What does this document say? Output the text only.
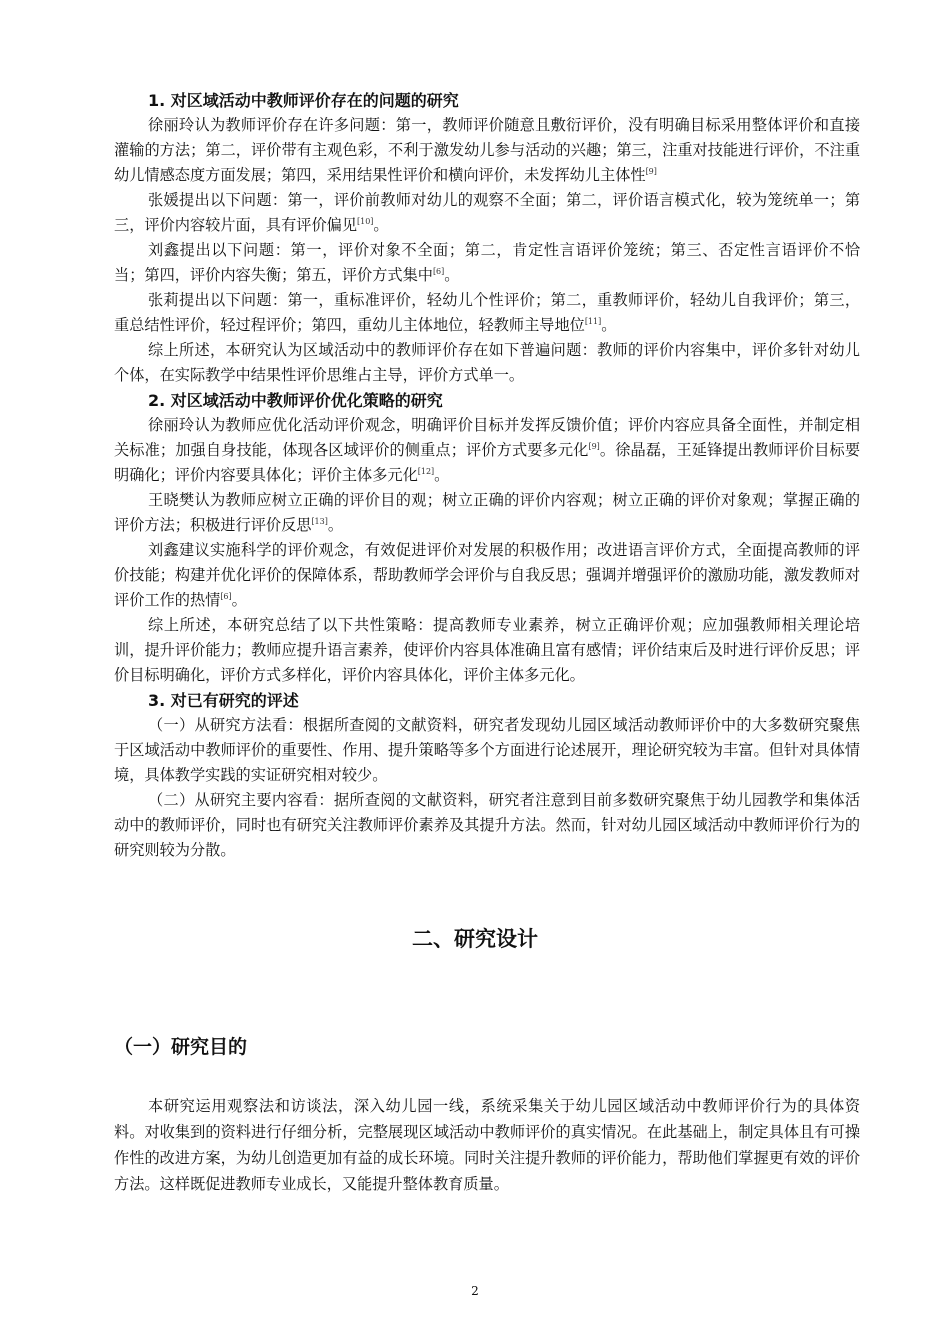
1. 对区域活动中教师评价存在的问题的研究

徐丽玲认为教师评价存在许多问题：第一，教师评价随意且敷衍评价，没有明确目标采用整体评价和直接灌输的方法；第二，评价带有主观色彩，不利于激发幼儿参与活动的兴趣；第三，注重对技能进行评价，不注重幼儿情感态度方面发展；第四，采用结果性评价和横向评价，未发挥幼儿主体性[9]

张媛提出以下问题：第一，评价前教师对幼儿的观察不全面；第二，评价语言模式化，较为笼统单一；第三，评价内容较片面，具有评价偏见[10]。

刘鑫提出以下问题：第一，评价对象不全面；第二，肯定性言语评价笼统；第三、否定性言语评价不恰当；第四，评价内容失衡；第五，评价方式集中[6]。

张莉提出以下问题：第一，重标准评价，轻幼儿个性评价；第二，重教师评价，轻幼儿自我评价；第三，重总结性评价，轻过程评价；第四，重幼儿主体地位，轻教师主导地位[11]。

综上所述，本研究认为区域活动中的教师评价存在如下普遍问题：教师的评价内容集中，评价多针对幼儿个体，在实际教学中结果性评价思维占主导，评价方式单一。

2. 对区域活动中教师评价优化策略的研究

徐丽玲认为教师应优化活动评价观念，明确评价目标并发挥反馈价值；评价内容应具备全面性，并制定相关标准；加强自身技能，体现各区域评价的侧重点；评价方式要多元化[9]。徐晶磊，王延锋提出教师评价目标要明确化；评价内容要具体化；评价主体多元化[12]。

王晓樊认为教师应树立正确的评价目的观；树立正确的评价内容观；树立正确的评价对象观；掌握正确的评价方法；积极进行评价反思[13]。

刘鑫建议实施科学的评价观念，有效促进评价对发展的积极作用；改进语言评价方式，全面提高教师的评价技能；构建并优化评价的保障体系，帮助教师学会评价与自我反思；强调并增强评价的激励功能，激发教师对评价工作的热情[6]。

综上所述，本研究总结了以下共性策略：提高教师专业素养，树立正确评价观；应加强教师相关理论培训，提升评价能力；教师应提升语言素养，使评价内容具体准确且富有感情；评价结束后及时进行评价反思；评价目标明确化，评价方式多样化，评价内容具体化，评价主体多元化。

3. 对已有研究的评述

（一）从研究方法看：根据所查阅的文献资料，研究者发现幼儿园区域活动教师评价中的大多数研究聚焦于区域活动中教师评价的重要性、作用、提升策略等多个方面进行论述展开，理论研究较为丰富。但针对具体情境，具体教学实践的实证研究相对较少。

（二）从研究主要内容看：据所查阅的文献资料，研究者注意到目前多数研究聚焦于幼儿园教学和集体活动中的教师评价，同时也有研究关注教师评价素养及其提升方法。然而，针对幼儿园区域活动中教师评价行为的研究则较为分散。

二、研究设计
（一）研究目的

本研究运用观察法和访谈法，深入幼儿园一线，系统采集关于幼儿园区域活动中教师评价行为的具体资料。对收集到的资料进行仔细分析，完整展现区域活动中教师评价的真实情况。在此基础上，制定具体且有可操作性的改进方案，为幼儿创造更加有益的成长环境。同时关注提升教师的评价能力，帮助他们掌握更有效的评价方法。这样既促进教师专业成长，又能提升整体教育质量。

2
